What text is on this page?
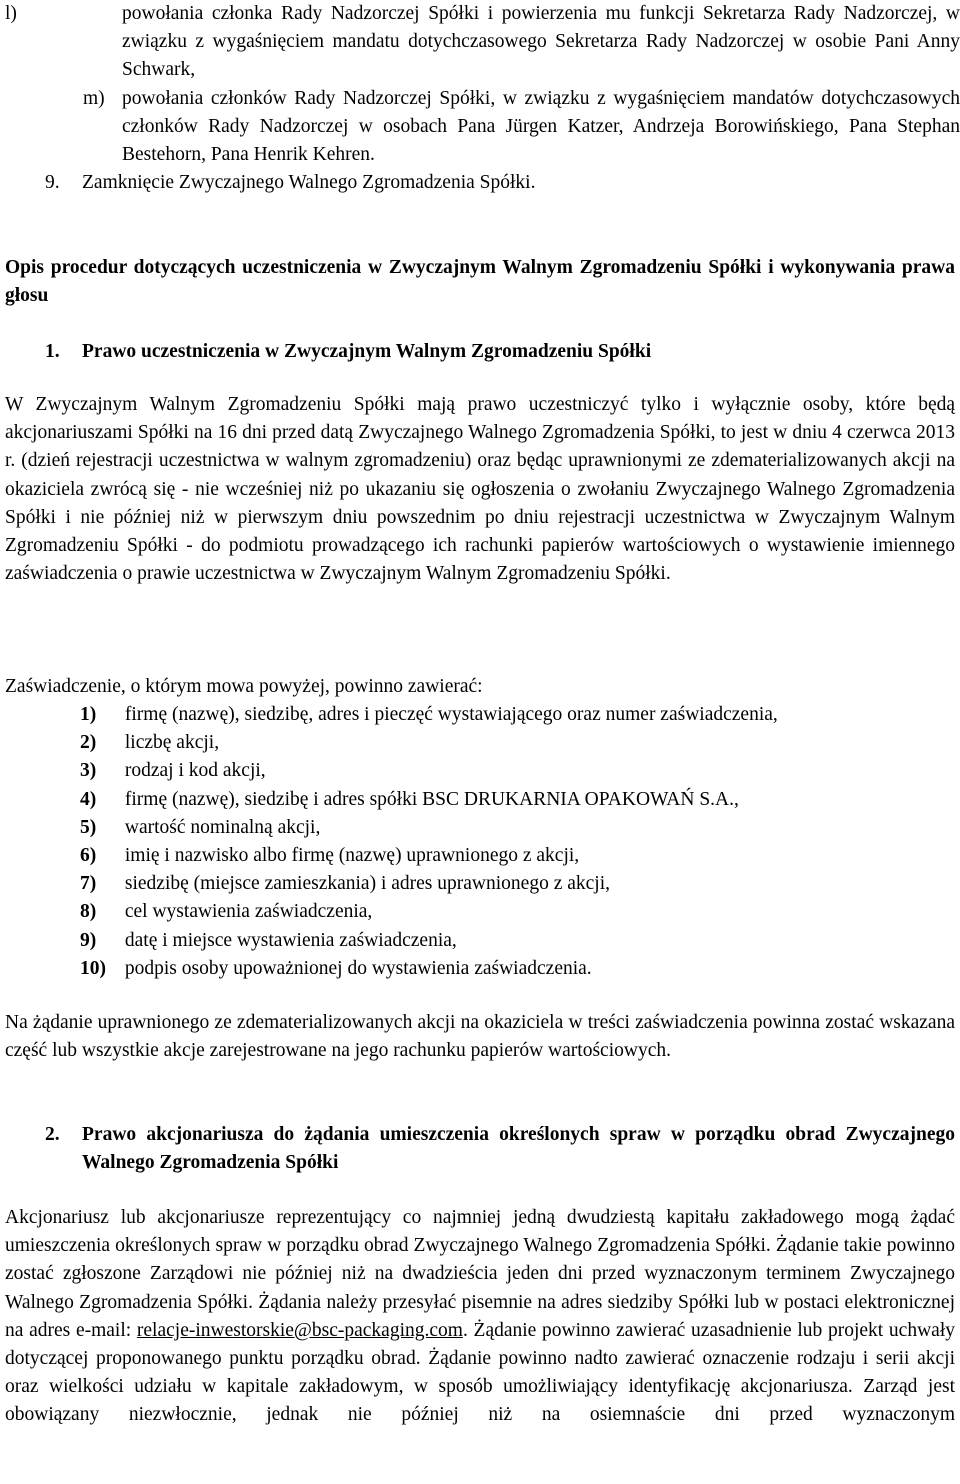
l)	powołania członka Rady Nadzorczej Spółki i powierzenia mu funkcji Sekretarza Rady Nadzorczej, w związku z wygaśnięciem mandatu dotychczasowego Sekretarza Rady Nadzorczej w osobie Pani Anny Schwark,
m) powołania członków Rady Nadzorczej Spółki, w związku z wygaśnięciem mandatów dotychczasowych członków Rady Nadzorczej w osobach Pana Jürgen Katzer, Andrzeja Borowińskiego, Pana Stephan Bestehorn, Pana Henrik Kehren.
9. Zamknięcie Zwyczajnego Walnego Zgromadzenia Spółki.
Opis procedur dotyczących uczestniczenia w Zwyczajnym Walnym Zgromadzeniu Spółki i wykonywania prawa głosu
1. Prawo uczestniczenia w Zwyczajnym Walnym Zgromadzeniu Spółki
W Zwyczajnym Walnym Zgromadzeniu Spółki mają prawo uczestniczyć tylko i wyłącznie osoby, które będą akcjonariuszami Spółki na 16 dni przed datą Zwyczajnego Walnego Zgromadzenia Spółki, to jest w dniu 4 czerwca 2013 r. (dzień rejestracji uczestnictwa w walnym zgromadzeniu) oraz będąc uprawnionymi ze zdematerializowanych akcji na okaziciela zwrócą się - nie wcześniej niż po ukazaniu się ogłoszenia o zwołaniu Zwyczajnego Walnego Zgromadzenia Spółki i nie później niż w pierwszym dniu powszednim po dniu rejestracji uczestnictwa w Zwyczajnym Walnym Zgromadzeniu Spółki - do podmiotu prowadzącego ich rachunki papierów wartościowych o wystawienie imiennego zaświadczenia o prawie uczestnictwa w Zwyczajnym Walnym Zgromadzeniu Spółki.
Zaświadczenie, o którym mowa powyżej, powinno zawierać:
1) firmę (nazwę), siedzibę, adres i pieczęć wystawiającego oraz numer zaświadczenia,
2) liczbę akcji,
3) rodzaj i kod akcji,
4) firmę (nazwę), siedzibę i adres spółki BSC DRUKARNIA OPAKOWAŃ S.A.,
5) wartość nominalną akcji,
6) imię i nazwisko albo firmę (nazwę) uprawnionego z akcji,
7) siedzibę (miejsce zamieszkania) i adres uprawnionego z akcji,
8) cel wystawienia zaświadczenia,
9) datę i miejsce wystawienia zaświadczenia,
10) podpis osoby upoważnionej do wystawienia zaświadczenia.
Na żądanie uprawnionego ze zdematerializowanych akcji na okaziciela w treści zaświadczenia powinna zostać wskazana część lub wszystkie akcje zarejestrowane na jego rachunku papierów wartościowych.
2. Prawo akcjonariusza do żądania umieszczenia określonych spraw w porządku obrad Zwyczajnego Walnego Zgromadzenia Spółki
Akcjonariusz lub akcjonariusze reprezentujący co najmniej jedną dwudziestą kapitału zakładowego mogą żądać umieszczenia określonych spraw w porządku obrad Zwyczajnego Walnego Zgromadzenia Spółki. Żądanie takie powinno zostać zgłoszone Zarządowi nie później niż na dwadzieścia jeden dni przed wyznaczonym terminem Zwyczajnego Walnego Zgromadzenia Spółki. Żądania należy przesyłać pisemnie na adres siedziby Spółki lub w postaci elektronicznej na adres e-mail: relacje-inwestorskie@bsc-packaging.com. Żądanie powinno zawierać uzasadnienie lub projekt uchwały dotyczącej proponowanego punktu porządku obrad. Żądanie powinno nadto zawierać oznaczenie rodzaju i serii akcji oraz wielkości udziału w kapitale zakładowym, w sposób umożliwiający identyfikację akcjonariusza. Zarząd jest obowiązany niezwłocznie, jednak nie później niż na osiemnaście dni przed wyznaczonym
